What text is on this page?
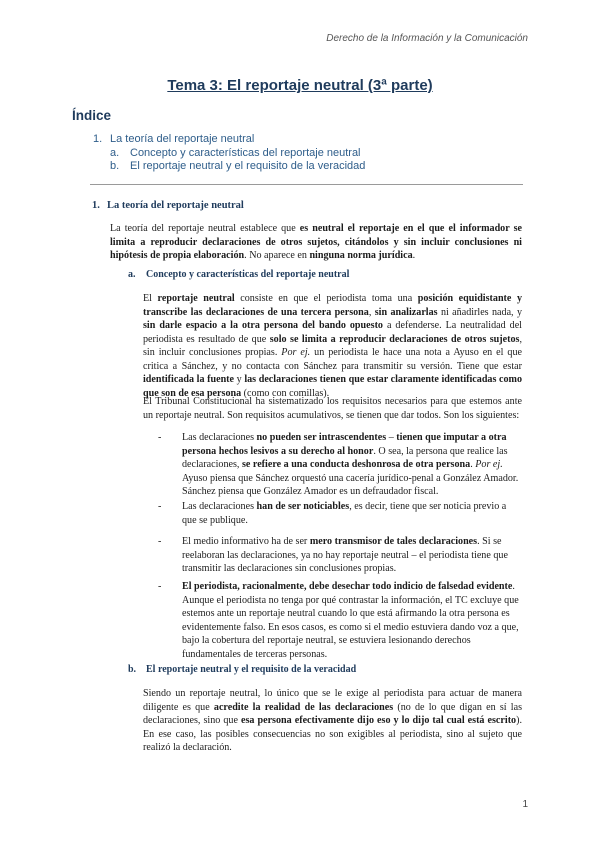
Derecho de la Información y la Comunicación
Tema 3: El reportaje neutral (3ª parte)
Índice
1. La teoría del reportaje neutral
a. Concepto y características del reportaje neutral
b. El reportaje neutral y el requisito de la veracidad
1. La teoría del reportaje neutral
La teoría del reportaje neutral establece que es neutral el reportaje en el que el informador se limita a reproducir declaraciones de otros sujetos, citándolos y sin incluir conclusiones ni hipótesis de propia elaboración. No aparece en ninguna norma jurídica.
a. Concepto y características del reportaje neutral
El reportaje neutral consiste en que el periodista toma una posición equidistante y transcribe las declaraciones de una tercera persona, sin analizarlas ni añadirles nada, y sin darle espacio a la otra persona del bando opuesto a defenderse. La neutralidad del periodista es resultado de que solo se limita a reproducir declaraciones de otros sujetos, sin incluir conclusiones propias. Por ej. un periodista le hace una nota a Ayuso en el que critica a Sánchez, y no contacta con Sánchez para transmitir su versión. Tiene que estar identificada la fuente y las declaraciones tienen que estar claramente identificadas como que son de esa persona (como con comillas).
El Tribunal Constitucional ha sistematizado los requisitos necesarios para que estemos ante un reportaje neutral. Son requisitos acumulativos, se tienen que dar todos. Son los siguientes:
- Las declaraciones no pueden ser intrascendentes – tienen que imputar a otra persona hechos lesivos a su derecho al honor. O sea, la persona que realice las declaraciones, se refiere a una conducta deshonrosa de otra persona. Por ej. Ayuso piensa que Sánchez orquestó una cacería jurídico-penal a González Amador. Sánchez piensa que González Amador es un defraudador fiscal.
- Las declaraciones han de ser noticiables, es decir, tiene que ser noticia previo a que se publique.
- El medio informativo ha de ser mero transmisor de tales declaraciones. Si se reelaboran las declaraciones, ya no hay reportaje neutral – el periodista tiene que transmitir las declaraciones sin conclusiones propias.
- El periodista, racionalmente, debe desechar todo indicio de falsedad evidente. Aunque el periodista no tenga por qué contrastar la información, el TC excluye que estemos ante un reportaje neutral cuando lo que está afirmando la otra persona es evidentemente falso. En esos casos, es como si el medio estuviera dando voz a que, bajo la cobertura del reportaje neutral, se estuviera lesionando derechos fundamentales de terceras personas.
b. El reportaje neutral y el requisito de la veracidad
Siendo un reportaje neutral, lo único que se le exige al periodista para actuar de manera diligente es que acredite la realidad de las declaraciones (no de lo que digan en sí las declaraciones, sino que esa persona efectivamente dijo eso y lo dijo tal cual está escrito). En ese caso, las posibles consecuencias no son exigibles al periodista, sino al sujeto que realizó la declaración.
1
